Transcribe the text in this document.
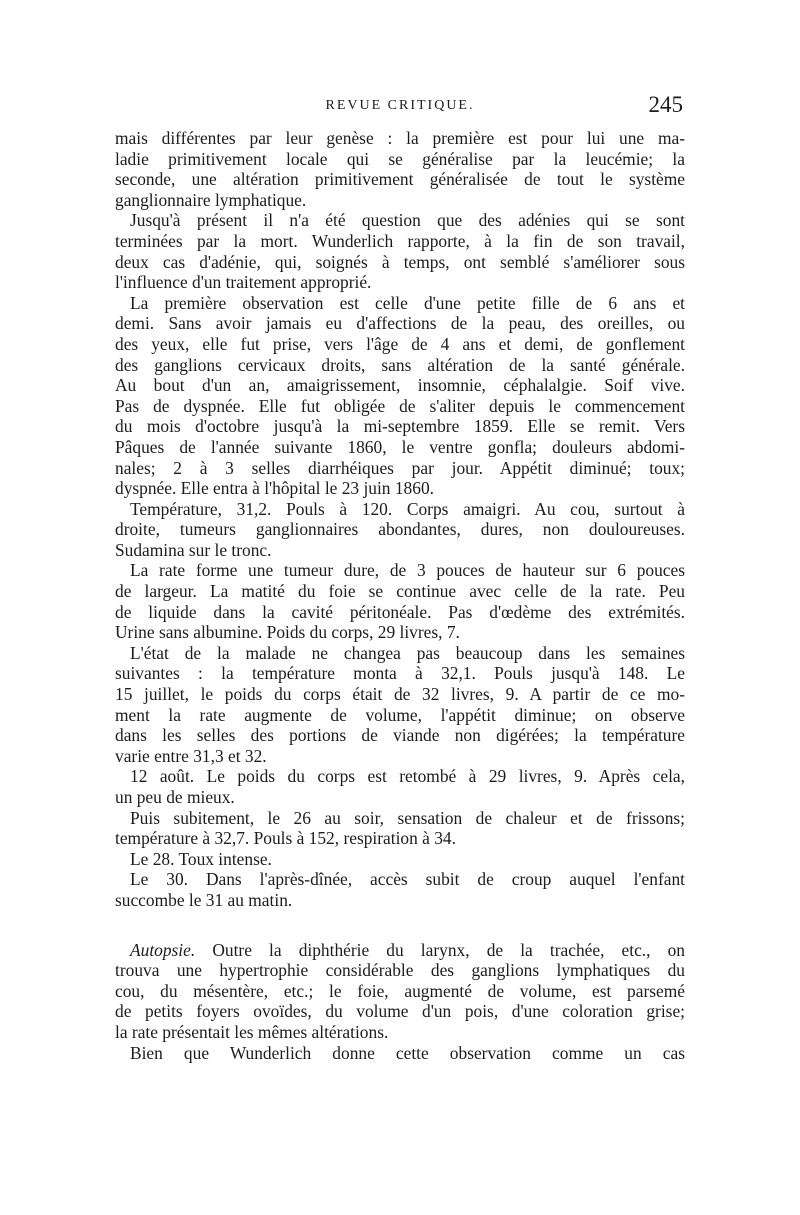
REVUE CRITIQUE.	245
mais différentes par leur genèse : la première est pour lui une ma-
ladie primitivement locale qui se généralise par la leucémie; la
seconde, une altération primitivement généralisée de tout le système
ganglionnaire lymphatique.
Jusqu'à présent il n'a été question que des adénies qui se sont
terminées par la mort. Wunderlich rapporte, à la fin de son travail,
deux cas d'adénie, qui, soignés à temps, ont semblé s'améliorer sous
l'influence d'un traitement approprié.
La première observation est celle d'une petite fille de 6 ans et
demi. Sans avoir jamais eu d'affections de la peau, des oreilles, ou
des yeux, elle fut prise, vers l'âge de 4 ans et demi, de gonflement
des ganglions cervicaux droits, sans altération de la santé générale.
Au bout d'un an, amaigrissement, insomnie, céphalalgie. Soif vive.
Pas de dyspnée. Elle fut obligée de s'aliter depuis le commencement
du mois d'octobre jusqu'à la mi-septembre 1859. Elle se remit. Vers
Pâques de l'année suivante 1860, le ventre gonfla; douleurs abdomi-
nales; 2 à 3 selles diarrhéiques par jour. Appétit diminué; toux;
dyspnée. Elle entra à l'hôpital le 23 juin 1860.
Température, 31,2. Pouls à 120. Corps amaigri. Au cou, surtout à
droite, tumeurs ganglionnaires abondantes, dures, non douloureuses.
Sudamina sur le tronc.
La rate forme une tumeur dure, de 3 pouces de hauteur sur 6 pouces
de largeur. La matité du foie se continue avec celle de la rate. Peu
de liquide dans la cavité péritonéale. Pas d'œdème des extrémités.
Urine sans albumine. Poids du corps, 29 livres, 7.
L'état de la malade ne changea pas beaucoup dans les semaines
suivantes : la température monta à 32,1. Pouls jusqu'à 148. Le
15 juillet, le poids du corps était de 32 livres, 9. A partir de ce mo-
ment la rate augmente de volume, l'appétit diminue; on observe
dans les selles des portions de viande non digérées; la température
varie entre 31,3 et 32.
12 août. Le poids du corps est retombé à 29 livres, 9. Après cela,
un peu de mieux.
Puis subitement, le 26 au soir, sensation de chaleur et de frissons;
température à 32,7. Pouls à 152, respiration à 34.
Le 28. Toux intense.
Le 30. Dans l'après-dînée, accès subit de croup auquel l'enfant
succombe le 31 au matin.
Autopsie. Outre la diphthérie du larynx, de la trachée, etc., on
trouva une hypertrophie considérable des ganglions lymphatiques du
cou, du mésentère, etc.; le foie, augmenté de volume, est parsemé
de petits foyers ovoïdes, du volume d'un pois, d'une coloration grise;
la rate présentait les mêmes altérations.
Bien que Wunderlich donne cette observation comme un cas
